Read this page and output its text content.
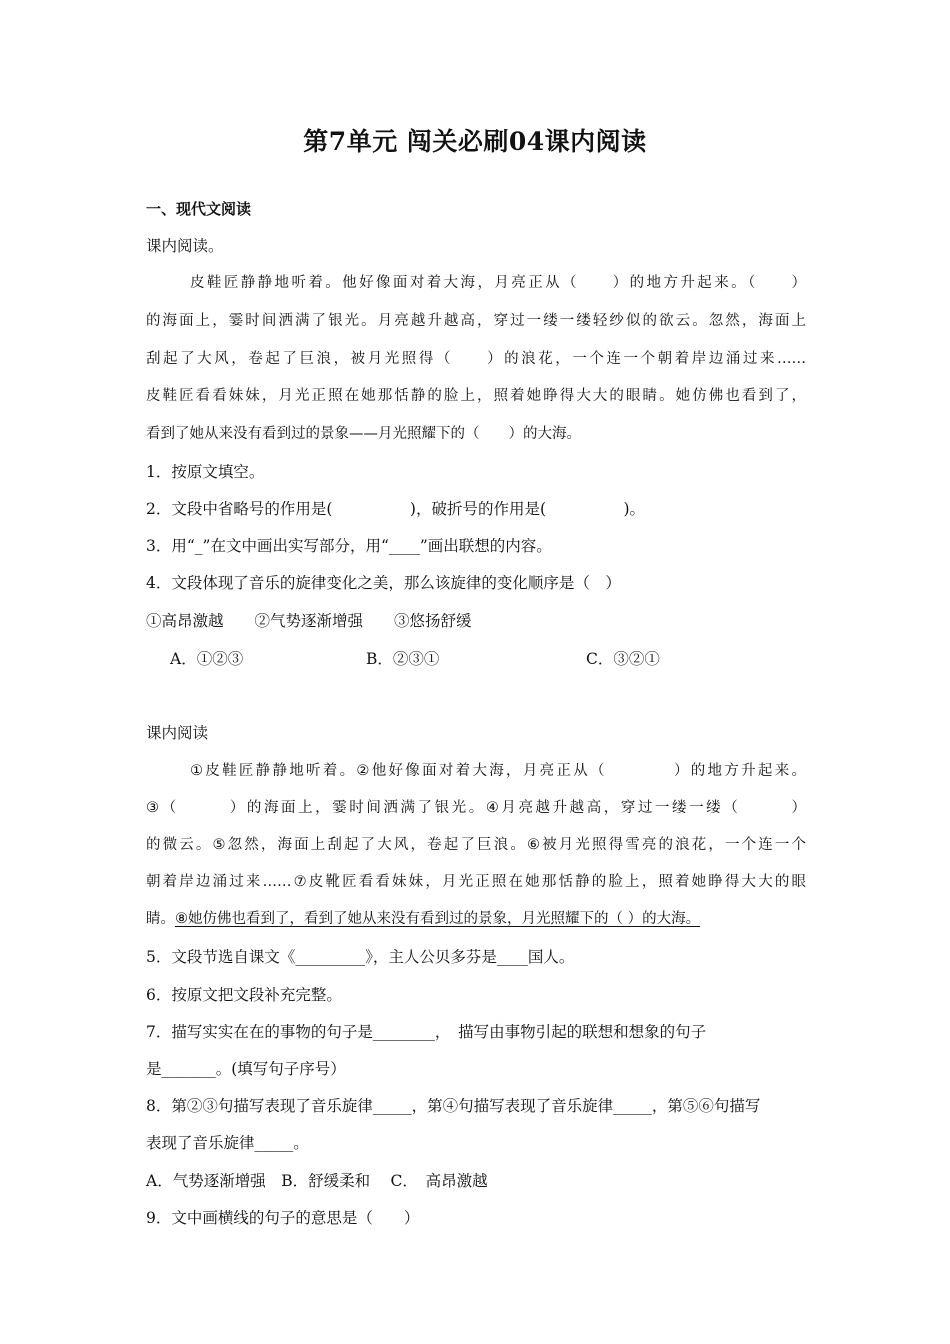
第7单元 闯关必刷04课内阅读
一、现代文阅读
课内阅读。
皮鞋匠静静地听着。他好像面对着大海，月亮正从（　　）的地方升起来。（　　）
的海面上，霎时间洒满了银光。月亮越升越高，穿过一缕一缕轻纱似的欲云。忽然，海面上
刮起了大风，卷起了巨浪，被月光照得（　　）的浪花，一个连一个朝着岸边涌过来……
皮鞋匠看看妹妹，月光正照在她那恬静的脸上，照着她睁得大大的眼睛。她仿佛也看到了，
看到了她从来没有看到过的景象——月光照耀下的（　　）的大海。
1．按原文填空。
2．文段中省略号的作用是(　　　　　)，破折号的作用是(　　　　　)。
3．用“_”在文中画出实写部分，用“____”画出联想的内容。
4．文段体现了音乐的旋律变化之美，那么该旋律的变化顺序是（　）
①高昂激越　　②气势逐渐增强　　③悠扬舒缓
A．①②③	B．②③①	C．③②①
课内阅读
①皮鞋匠静静地听着。②他好像面对着大海，月亮正从（　　　　）的地方升起来。
③（　　　）的海面上，霎时间洒满了银光。④月亮越升越高，穿过一缕一缕（　　　）
的微云。⑤忽然，海面上刮起了大风，卷起了巨浪。⑥被月光照得雪亮的浪花，一个连一个
朝着岸边涌过来……⑦皮靴匠看看妹妹，月光正照在她那恬静的脸上，照着她睁得大大的眼
睛。⑧她仿佛也看到了，看到了她从来没有看到过的景象，月光照耀下的（ ）的大海。
5．文段节选自课文《_________》，主人公贝多芬是____国人。
6．按原文把文段补充完整。
7．描写实实在在的事物的句子是________，　描写由事物引起的联想和想象的句子
是_______。(填写句子序号）
8．第②③句描写表现了音乐旋律_____，第④句描写表现了音乐旋律_____，第⑤⑥句描写
表现了音乐旋律_____。
A．气势逐渐增强　B．舒缓柔和　 C．　高昂激越
9．文中画横线的句子的意思是（　　）
